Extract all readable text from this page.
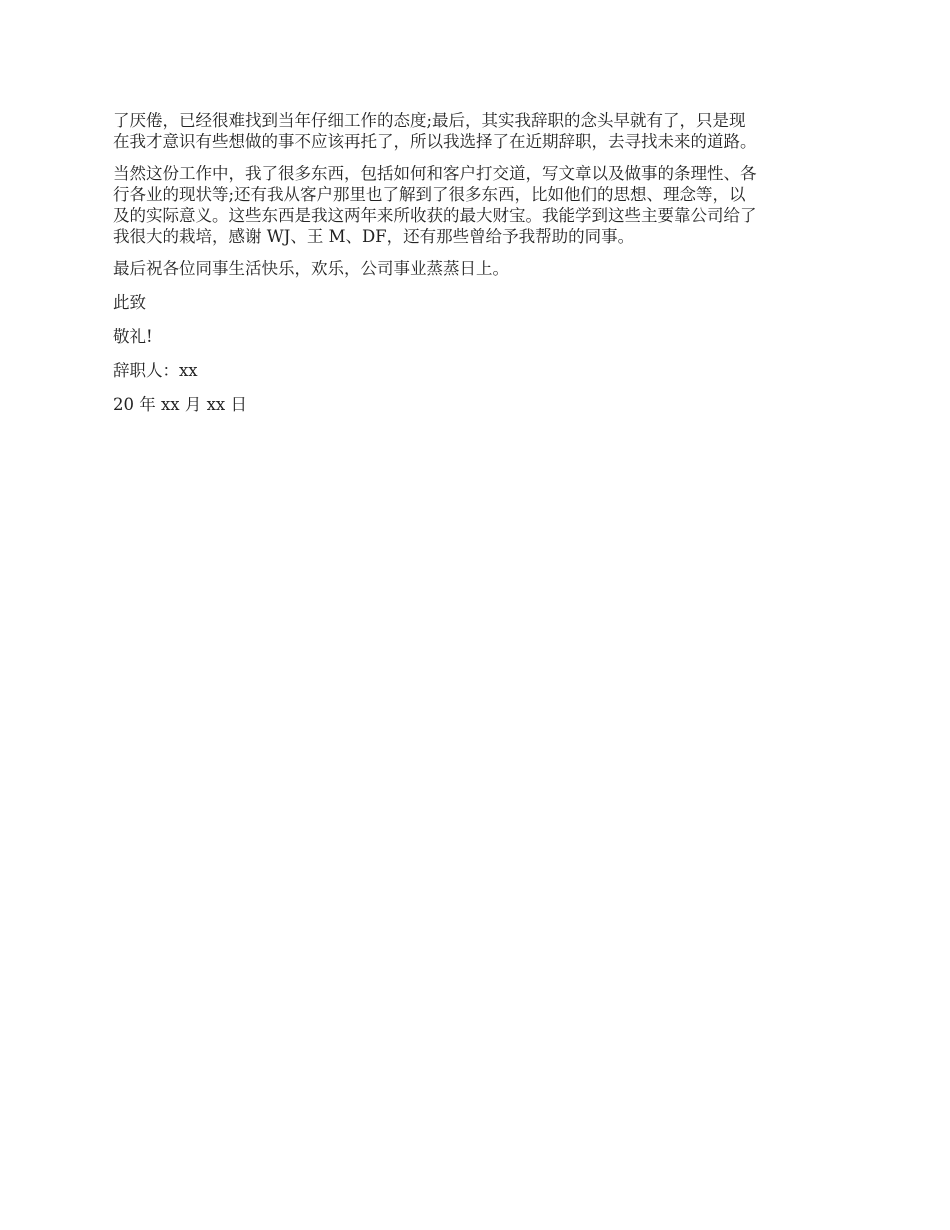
了厌倦，已经很难找到当年仔细工作的态度;最后，其实我辞职的念头早就有了，只是现
在我才意识有些想做的事不应该再托了，所以我选择了在近期辞职，去寻找未来的道路。

当然这份工作中，我了很多东西，包括如何和客户打交道，写文章以及做事的条理性、各
行各业的现状等;还有我从客户那里也了解到了很多东西，比如他们的思想、理念等，以
及的实际意义。这些东西是我这两年来所收获的最大财宝。我能学到这些主要靠公司给了
我很大的栽培，感谢 WJ、王 M、DF，还有那些曾给予我帮助的同事。

最后祝各位同事生活快乐，欢乐，公司事业蒸蒸日上。

此致

敬礼!

辞职人：xx

20 年 xx 月 xx 日
